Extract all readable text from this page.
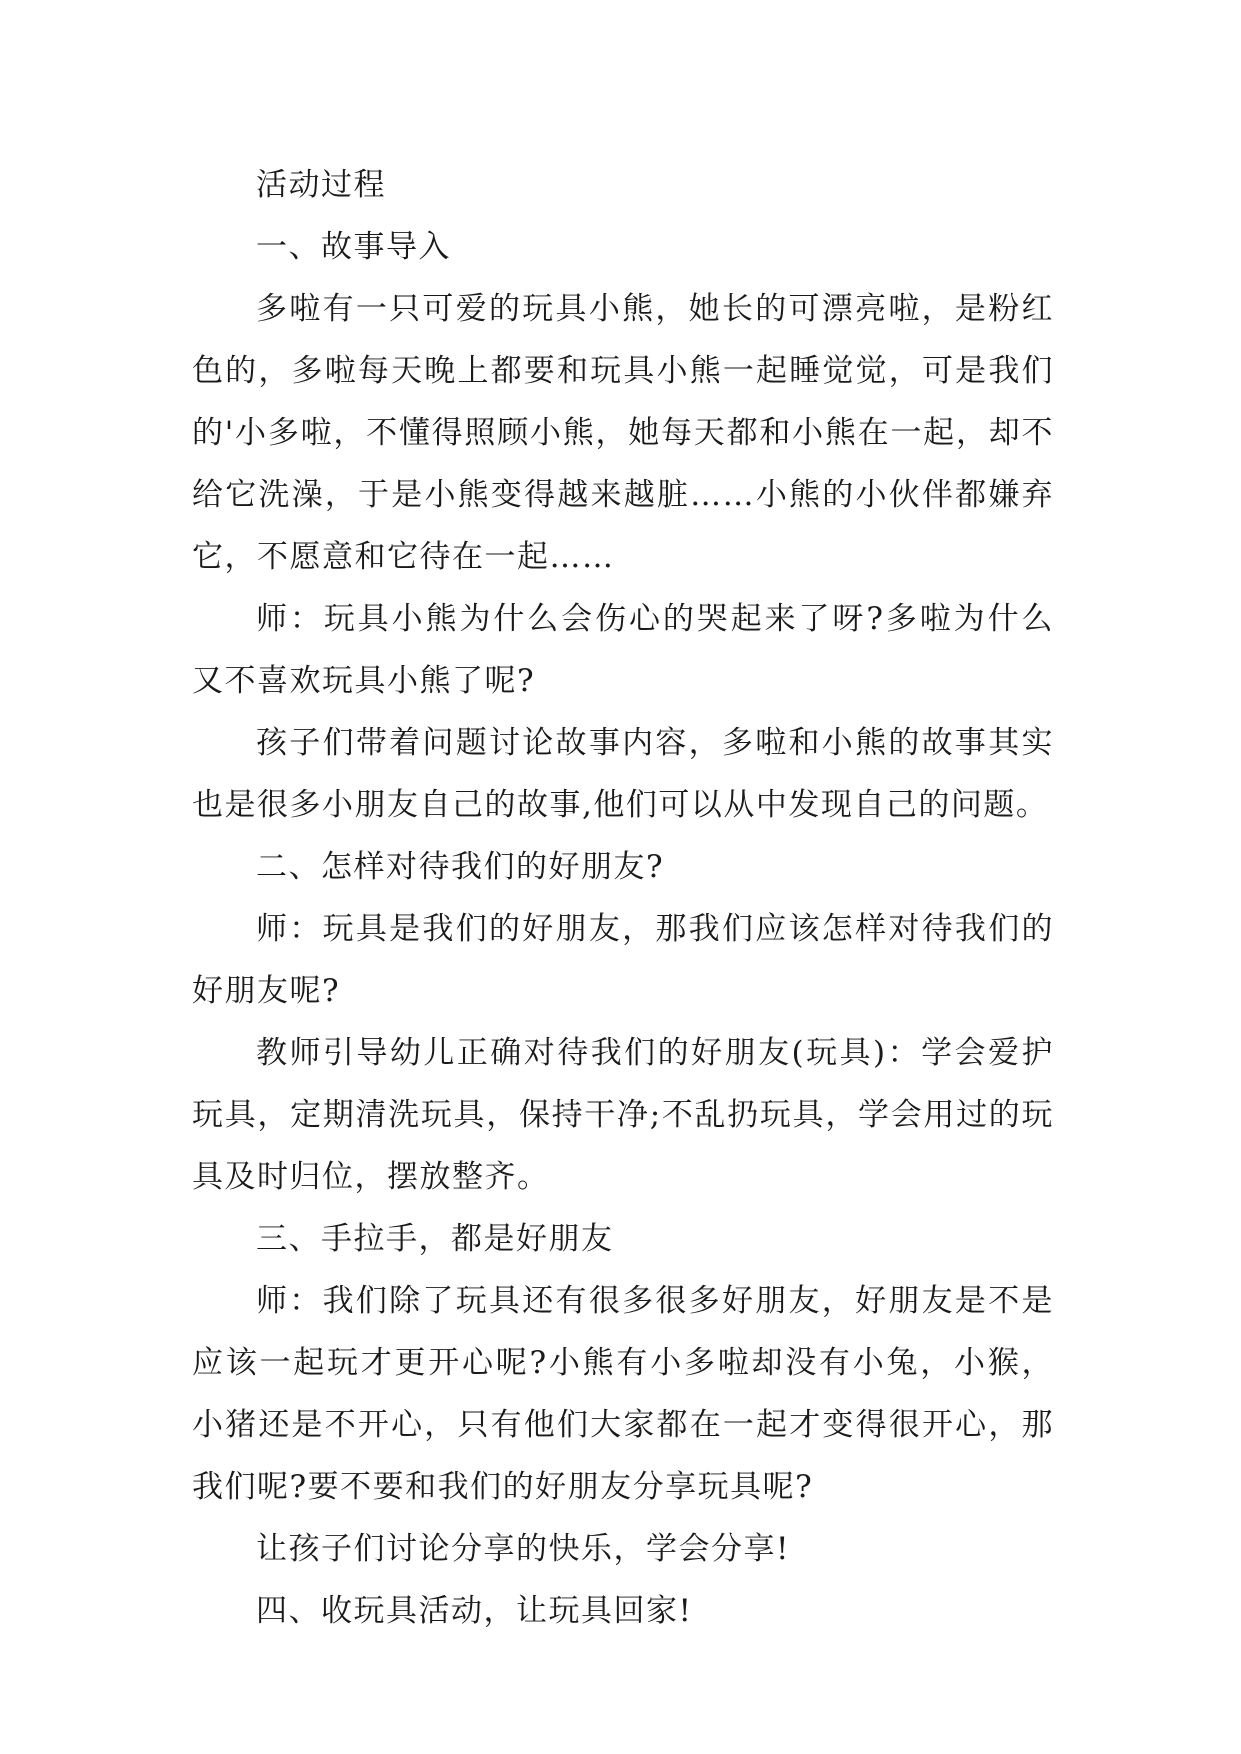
活动过程

一、故事导入

多啦有一只可爱的玩具小熊，她长的可漂亮啦，是粉红色的，多啦每天晚上都要和玩具小熊一起睡觉觉，可是我们的'小多啦，不懂得照顾小熊，她每天都和小熊在一起，却不给它洗澡，于是小熊变得越来越脏……小熊的小伙伴都嫌弃它，不愿意和它待在一起……

师：玩具小熊为什么会伤心的哭起来了呀?多啦为什么又不喜欢玩具小熊了呢?

孩子们带着问题讨论故事内容，多啦和小熊的故事其实也是很多小朋友自己的故事,他们可以从中发现自己的问题。

二、怎样对待我们的好朋友?

师：玩具是我们的好朋友，那我们应该怎样对待我们的好朋友呢?

教师引导幼儿正确对待我们的好朋友(玩具)：学会爱护玩具，定期清洗玩具，保持干净;不乱扔玩具，学会用过的玩具及时归位，摆放整齐。

三、手拉手，都是好朋友

师：我们除了玩具还有很多很多好朋友，好朋友是不是应该一起玩才更开心呢?小熊有小多啦却没有小兔，小猴，小猪还是不开心，只有他们大家都在一起才变得很开心，那我们呢?要不要和我们的好朋友分享玩具呢?

让孩子们讨论分享的快乐，学会分享!

四、收玩具活动，让玩具回家!
